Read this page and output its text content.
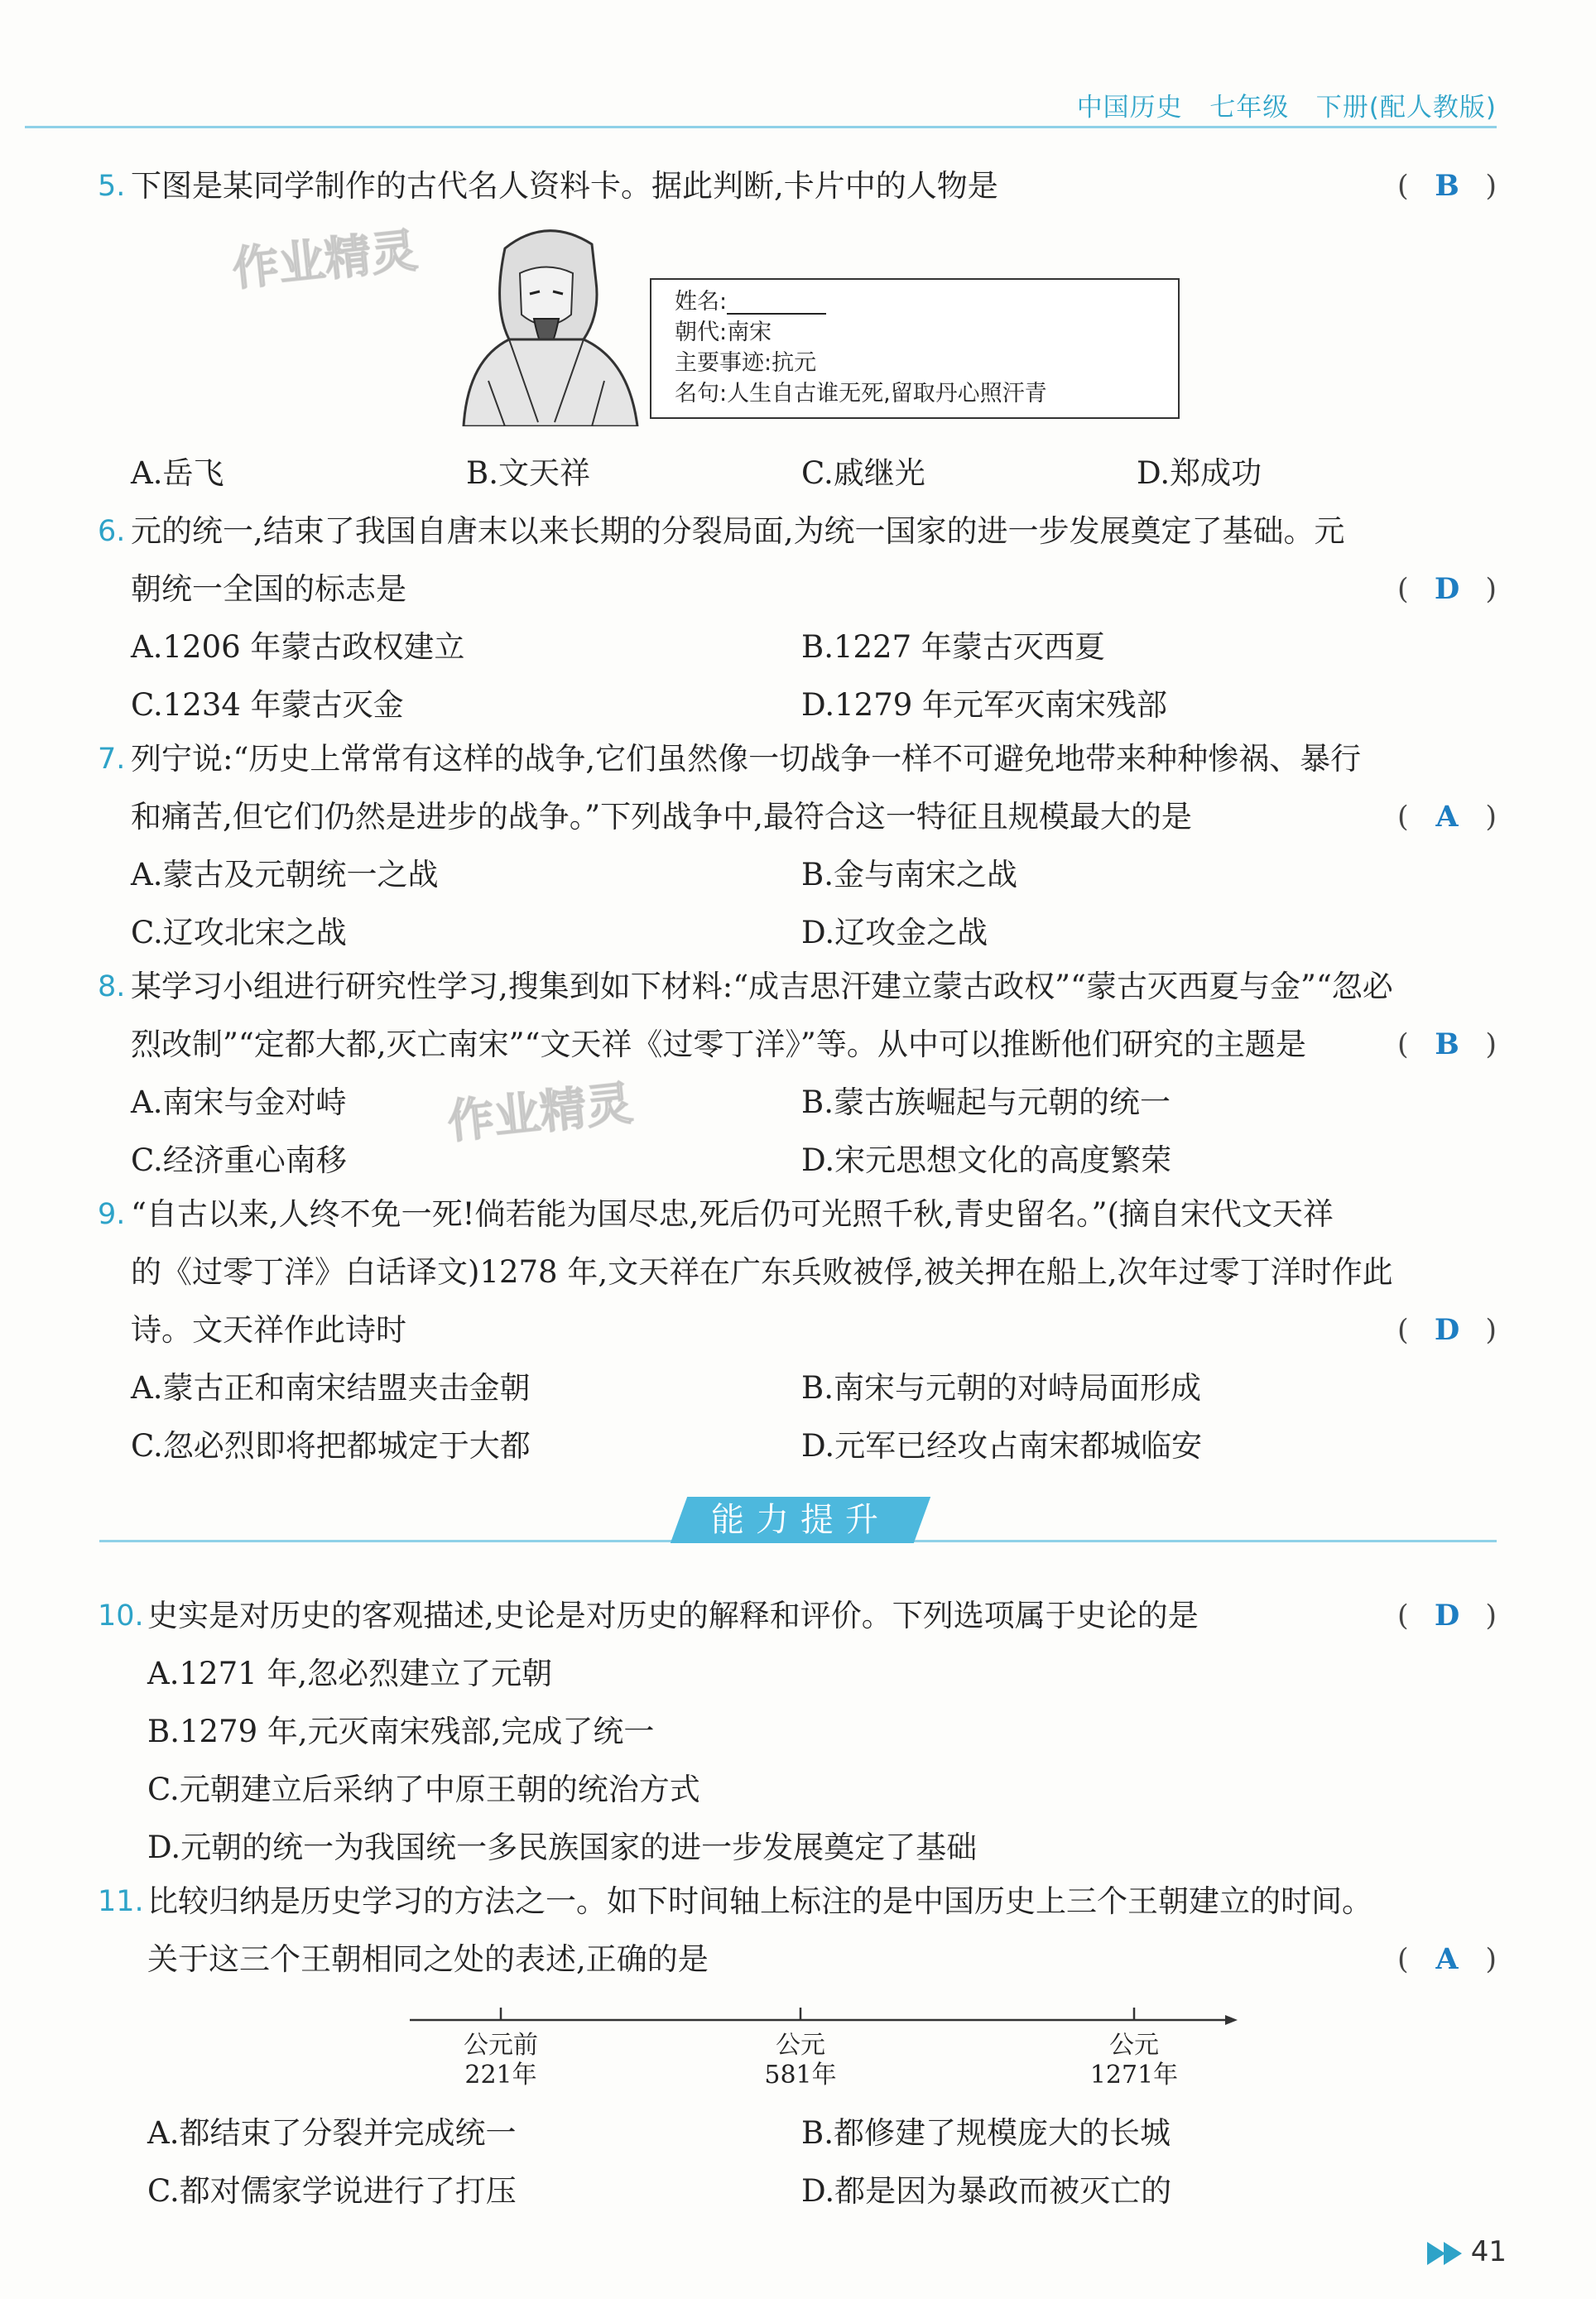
中国历史   七年级   下册(配人教版)
5. 下图是某同学制作的古代名人资料卡。据此判断,卡片中的人物是	( B )
作业精灵
姓名:
朝代:南宋
主要事迹:抗元
名句:人生自古谁无死,留取丹心照汗青
A.岳飞	B.文天祥	C.戚继光	D.郑成功
6. 元的统一,结束了我国自唐末以来长期的分裂局面,为统一国家的进一步发展奠定了基础。元
朝统一全国的标志是	( D )
A.1206 年蒙古政权建立	B.1227 年蒙古灭西夏
C.1234 年蒙古灭金	D.1279 年元军灭南宋残部
7. 列宁说:“历史上常常有这样的战争,它们虽然像一切战争一样不可避免地带来种种惨祸、暴行
和痛苦,但它们仍然是进步的战争。”下列战争中,最符合这一特征且规模最大的是	( A )
A.蒙古及元朝统一之战	B.金与南宋之战
C.辽攻北宋之战	D.辽攻金之战
8. 某学习小组进行研究性学习,搜集到如下材料:“成吉思汗建立蒙古政权”“蒙古灭西夏与金”“忽必
烈改制”“定都大都,灭亡南宋”“文天祥《过零丁洋》”等。从中可以推断他们研究的主题是	( B )
A.南宋与金对峙	B.蒙古族崛起与元朝的统一
C.经济重心南移	D.宋元思想文化的高度繁荣
作业精灵
9. “自古以来,人终不免一死!倘若能为国尽忠,死后仍可光照千秋,青史留名。”(摘自宋代文天祥
的《过零丁洋》白话译文)1278 年,文天祥在广东兵败被俘,被关押在船上,次年过零丁洋时作此
诗。文天祥作此诗时	( D )
A.蒙古正和南宋结盟夹击金朝	B.南宋与元朝的对峙局面形成
C.忽必烈即将把都城定于大都	D.元军已经攻占南宋都城临安
能力提升
10. 史实是对历史的客观描述,史论是对历史的解释和评价。下列选项属于史论的是	( D )
A.1271 年,忽必烈建立了元朝
B.1279 年,元灭南宋残部,完成了统一
C.元朝建立后采纳了中原王朝的统治方式
D.元朝的统一为我国统一多民族国家的进一步发展奠定了基础
11. 比较归纳是历史学习的方法之一。如下时间轴上标注的是中国历史上三个王朝建立的时间。
关于这三个王朝相同之处的表述,正确的是	( A )
公元前
221年
公元
581年
公元
1271年
A.都结束了分裂并完成统一	B.都修建了规模庞大的长城
C.都对儒家学说进行了打压	D.都是因为暴政而被灭亡的
41
